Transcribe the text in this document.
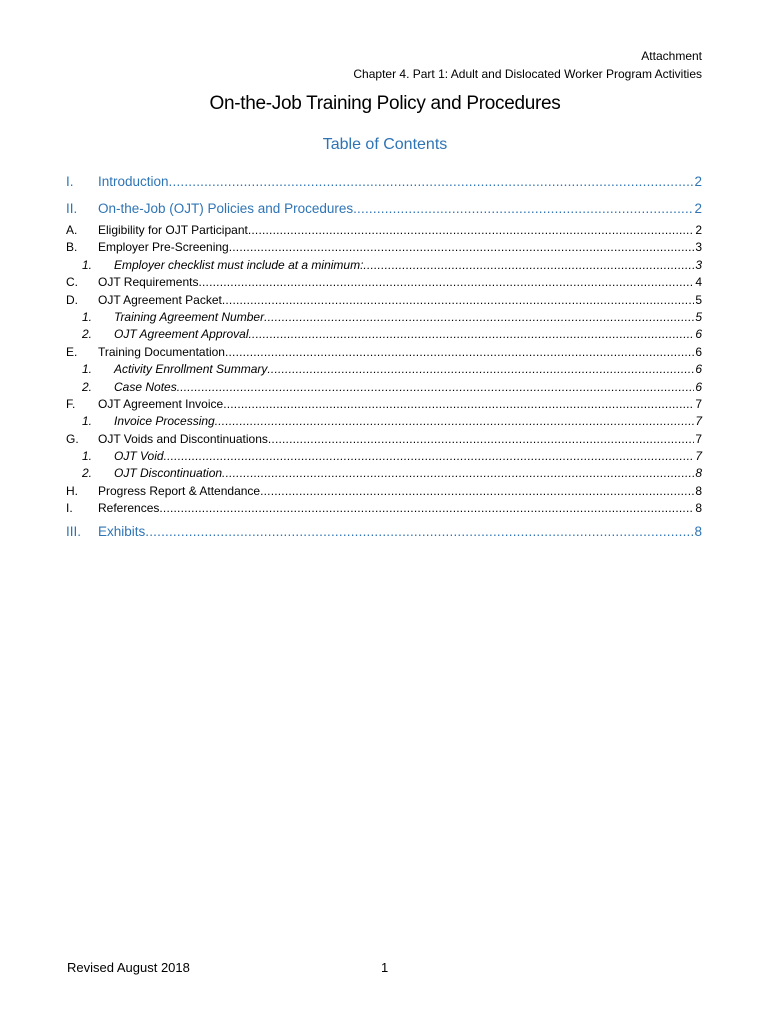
Attachment
Chapter 4. Part 1: Adult and Dislocated Worker Program Activities
On-the-Job Training Policy and Procedures
Table of Contents
I.	Introduction .....	2
II.	On-the-Job (OJT) Policies and Procedures .....	2
A.	Eligibility for OJT Participant .....	2
B.	Employer Pre-Screening .....	3
1.	Employer checklist must include at a minimum: .....	3
C.	OJT Requirements .....	4
D.	OJT Agreement Packet .....	5
1.	Training Agreement Number .....	5
2.	OJT Agreement Approval .....	6
E.	Training Documentation .....	6
1.	Activity Enrollment Summary .....	6
2.	Case Notes .....	6
F.	OJT Agreement Invoice .....	7
1.	Invoice Processing .....	7
G.	OJT Voids and Discontinuations .....	7
1.	OJT Void .....	7
2.	OJT Discontinuation .....	8
H.	Progress Report & Attendance .....	8
I.	References .....	8
III.	Exhibits .....	8
Revised August 2018	1
